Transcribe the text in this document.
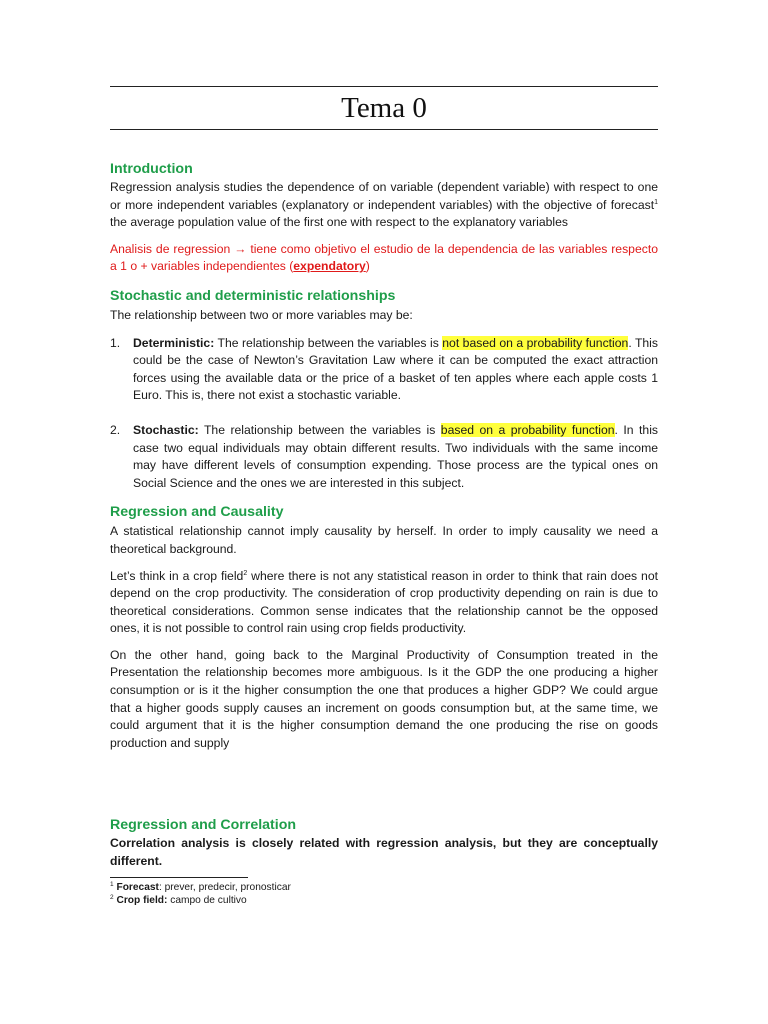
Tema 0
Introduction

Regression analysis studies the dependence of on variable (dependent variable) with respect to one or more independent variables (explanatory or independent variables) with the objective of forecast$^1$ the average population value of the first one with respect to the explanatory variables

Analisis de regression → tiene como objetivo el estudio de la dependencia de las variables respecto a 1 o + variables independientes (expendatory)

Stochastic and deterministic relationships

The relationship between two or more variables may be:

1. Deterministic: The relationship between the variables is not based on a probability function. This could be the case of Newton’s Gravitation Law where it can be computed the exact attraction forces using the available data or the price of a basket of ten apples where each apple costs 1 Euro. This is, there not exist a stochastic variable.
2. Stochastic: The relationship between the variables is based on a probability function. In this case two equal individuals may obtain different results. Two individuals with the same income may have different levels of consumption expending. Those process are the typical ones on Social Science and the ones we are interested in this subject.
Regression and Causality

A statistical relationship cannot imply causality by herself. In order to imply causality we need a theoretical background.

Let’s think in a crop field$^2$ where there is not any statistical reason in order to think that rain does not depend on the crop productivity. The consideration of crop productivity depending on rain is due to theoretical considerations. Common sense indicates that the relationship cannot be the opposed ones, it is not possible to control rain using crop fields productivity.

On the other hand, going back to the Marginal Productivity of Consumption treated in the Presentation the relationship becomes more ambiguous. Is it the GDP the one producing a higher consumption or is it the higher consumption the one that produces a higher GDP? We could argue that a higher goods supply causes an increment on goods consumption but, at the same time, we could argument that it is the higher consumption demand the one producing the rise on goods production and supply

Regression and Correlation

Correlation analysis is closely related with regression analysis, but they are conceptually different.

$^1$ Forecast: prever, predecir, pronosticar

$^2$ Crop field: campo de cultivo
